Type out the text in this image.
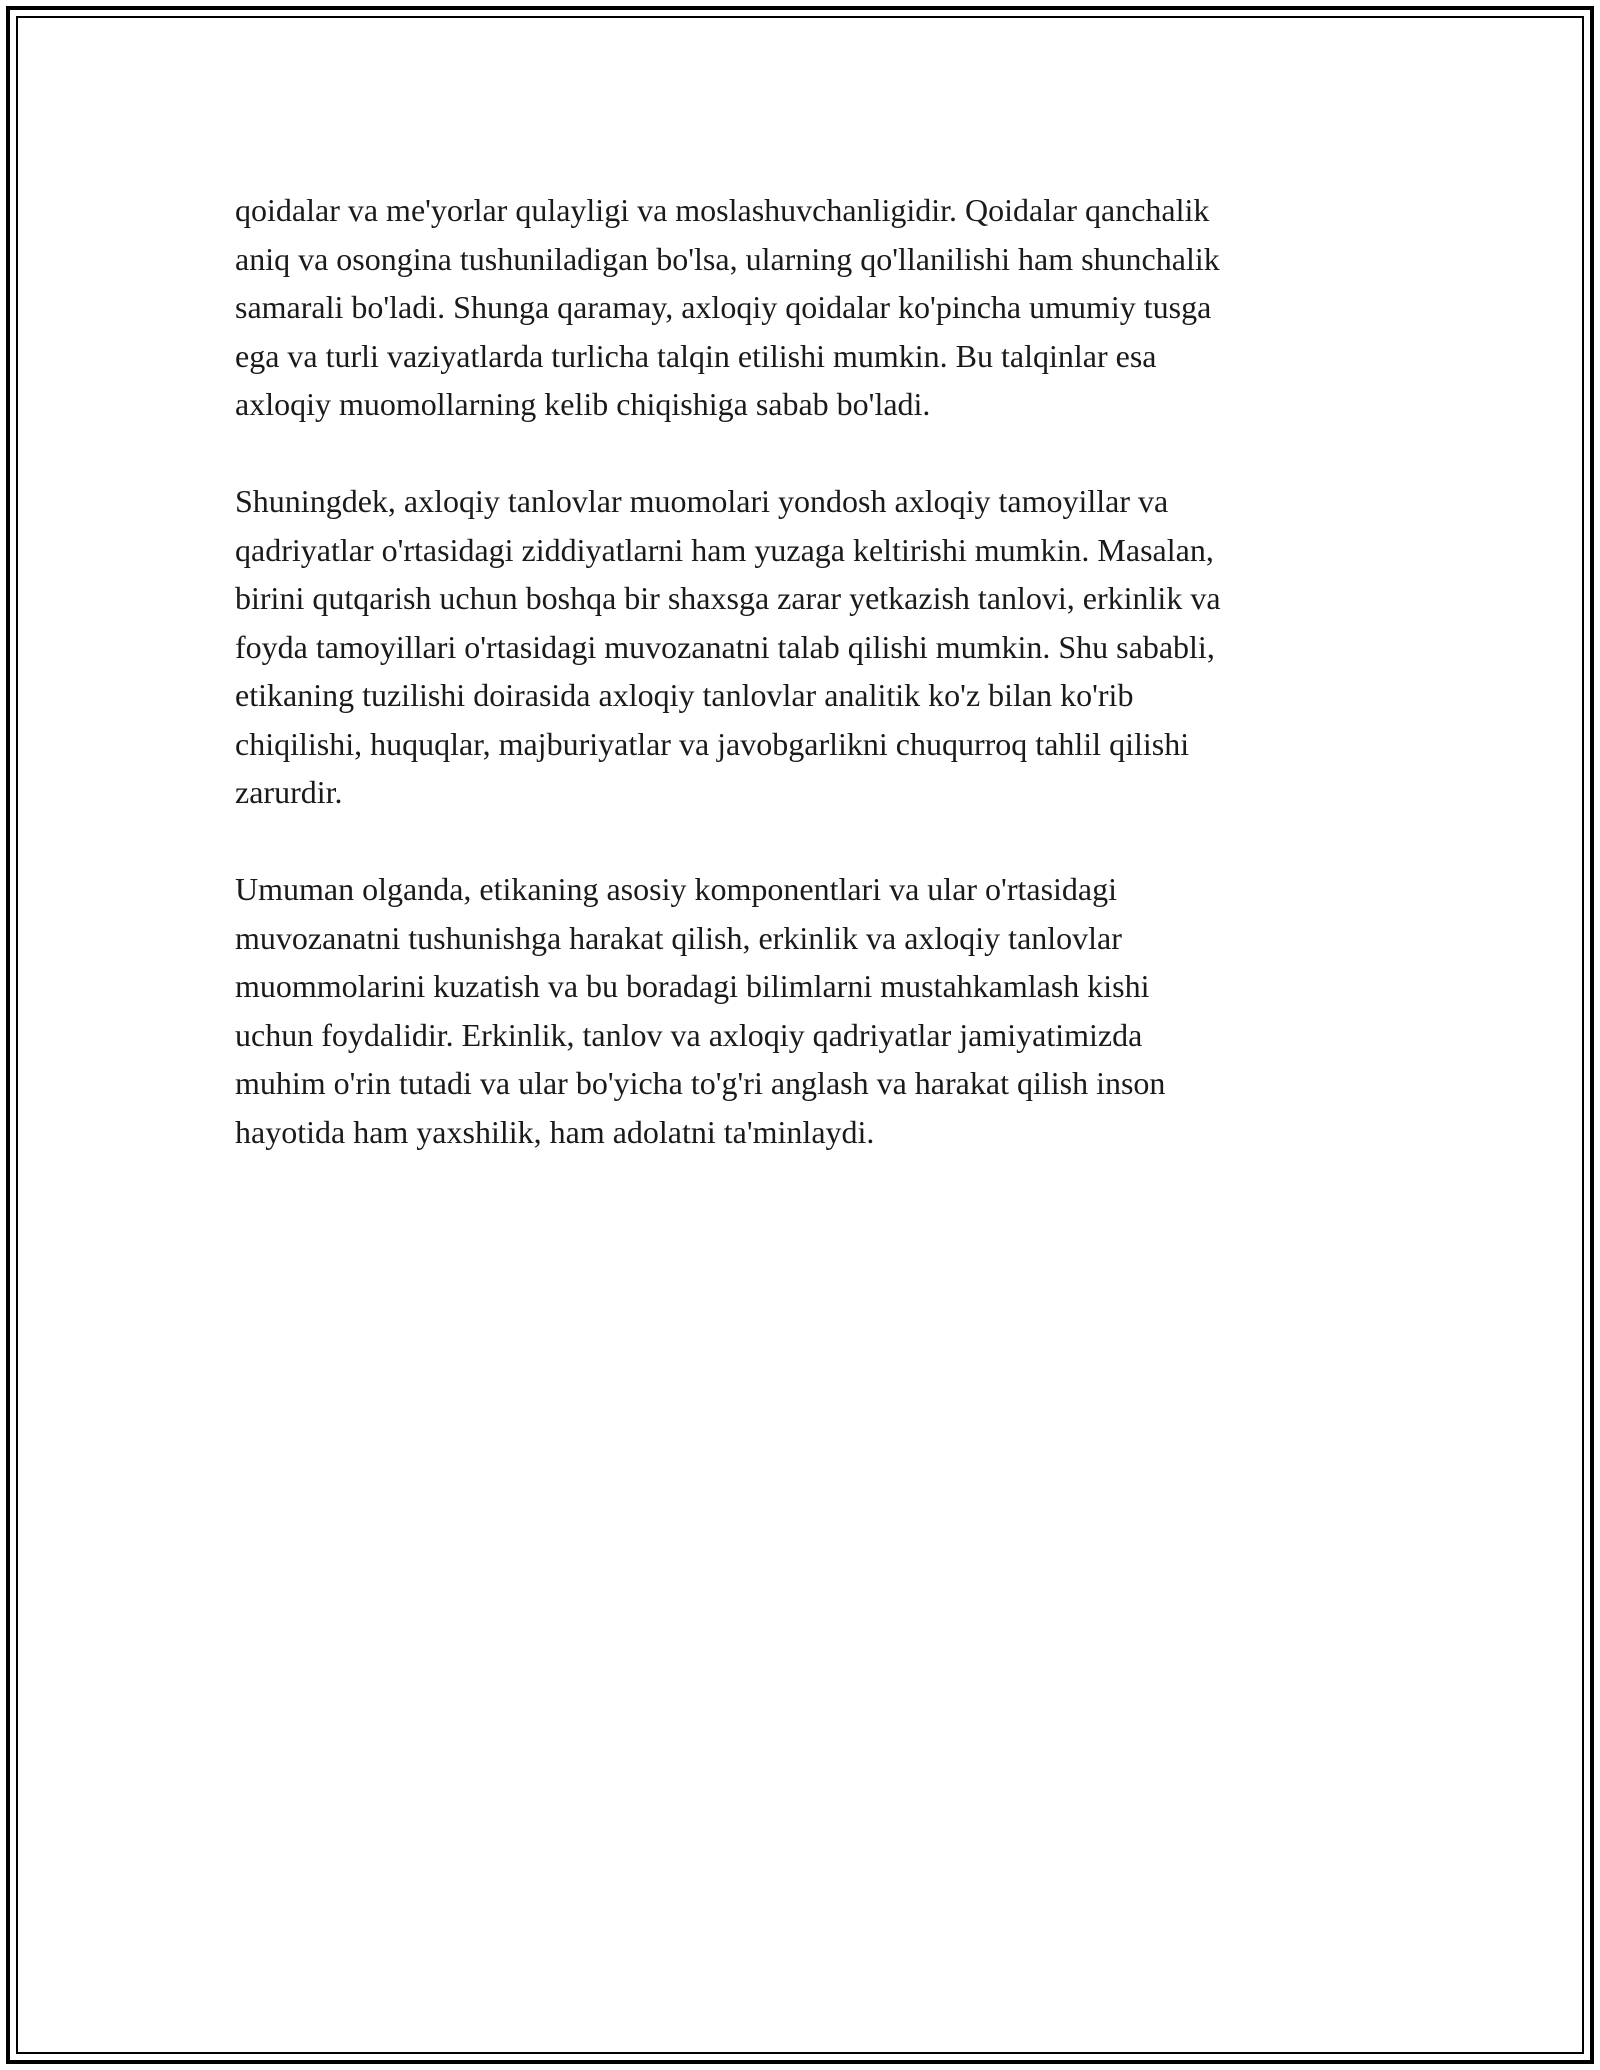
qoidalar va me'yorlar qulayligi va moslashuvchanligidir. Qoidalar qanchalik
aniq va osongina tushuniladigan bo'lsa, ularning qo'llanilishi ham shunchalik
samarali bo'ladi. Shunga qaramay, axloqiy qoidalar ko'pincha umumiy tusga
ega va turli vaziyatlarda turlicha talqin etilishi mumkin. Bu talqinlar esa
axloqiy muomollarning kelib chiqishiga sabab bo'ladi.

Shuningdek, axloqiy tanlovlar muomolari yondosh axloqiy tamoyillar va
qadriyatlar o'rtasidagi ziddiyatlarni ham yuzaga keltirishi mumkin. Masalan,
birini qutqarish uchun boshqa bir shaxsga zarar yetkazish tanlovi, erkinlik va
foyda tamoyillari o'rtasidagi muvozanatni talab qilishi mumkin. Shu sababli,
etikaning tuzilishi doirasida axloqiy tanlovlar analitik ko'z bilan ko'rib
chiqilishi, huquqlar, majburiyatlar va javobgarlikni chuqurroq tahlil qilishi
zarurdir.

Umuman olganda, etikaning asosiy komponentlari va ular o'rtasidagi
muvozanatni tushunishga harakat qilish, erkinlik va axloqiy tanlovlar
muommolarini kuzatish va bu boradagi bilimlarni mustahkamlash kishi
uchun foydalidir. Erkinlik, tanlov va axloqiy qadriyatlar jamiyatimizda
muhim o'rin tutadi va ular bo'yicha to'g'ri anglash va harakat qilish inson
hayotida ham yaxshilik, ham adolatni ta'minlaydi.
